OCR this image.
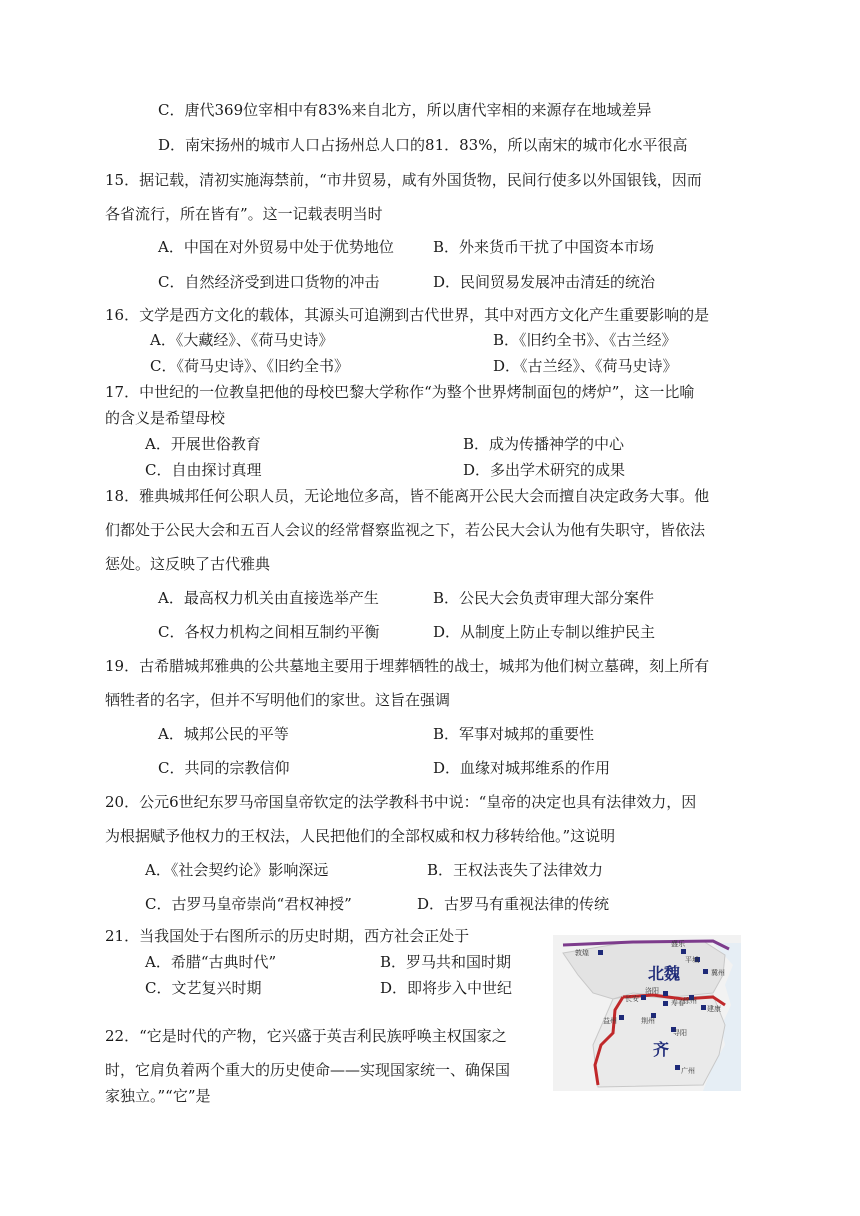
C．唐代369位宰相中有83%来自北方，所以唐代宰相的来源存在地域差异
D．南宋扬州的城市人口占扬州总人口的81．83%，所以南宋的城市化水平很高
15．据记载，清初实施海禁前，“市井贸易，咸有外国货物，民间行使多以外国银钱，因而
各省流行，所在皆有”。这一记载表明当时
A．中国在对外贸易中处于优势地位	B．外来货币干扰了中国资本市场
C．自然经济受到进口货物的冲击	D．民间贸易发展冲击清廷的统治
16．文学是西方文化的载体，其源头可追溯到古代世界，其中对西方文化产生重要影响的是
A．《大藏经》、《荷马史诗》	B．《旧约全书》、《古兰经》
C．《荷马史诗》、《旧约全书》	D．《古兰经》、《荷马史诗》
17．中世纪的一位教皇把他的母校巴黎大学称作“为整个世界烤制面包的烤炉”，这一比喻
的含义是希望母校
A．开展世俗教育	B．成为传播神学的中心
C．自由探讨真理	D．多出学术研究的成果
18．雅典城邦任何公职人员，无论地位多高，皆不能离开公民大会而擅自决定政务大事。他
们都处于公民大会和五百人会议的经常督察监视之下，若公民大会认为他有失职守，皆依法
惩处。这反映了古代雅典
A．最高权力机关由直接选举产生	B．公民大会负责审理大部分案件
C．各权力机构之间相互制约平衡	D．从制度上防止专制以维护民主
19．古希腊城邦雅典的公共墓地主要用于埋葬牺牲的战士，城邦为他们树立墓碑，刻上所有
牺牲者的名字，但并不写明他们的家世。这旨在强调
A．城邦公民的平等	B．军事对城邦的重要性
C．共同的宗教信仰	D．血缘对城邦维系的作用
20．公元6世纪东罗马帝国皇帝钦定的法学教科书中说：“皇帝的决定也具有法律效力，因
为根据赋予他权力的王权法，人民把他们的全部权威和权力移转给他。”这说明
A．《社会契约论》影响深远	B．王权法丧失了法律效力
C．古罗马皇帝崇尚“君权神授”	D．古罗马有重视法律的传统
21．当我国处于右图所示的历史时期，西方社会正处于
A．希腊“古典时代”	B．罗马共和国时期
C．文艺复兴时期	D．即将步入中世纪
22．“它是时代的产物，它兴盛于英吉利民族呼唤主权国家之
时，它肩负着两个重大的历史使命——实现国家统一、确保国
家独立。”“它”是
敦煌
盛乐
平城
冀州
洛阳
长安	寿春
徐州
建康
益州	荆州
寻阳
广州
北魏
齐
